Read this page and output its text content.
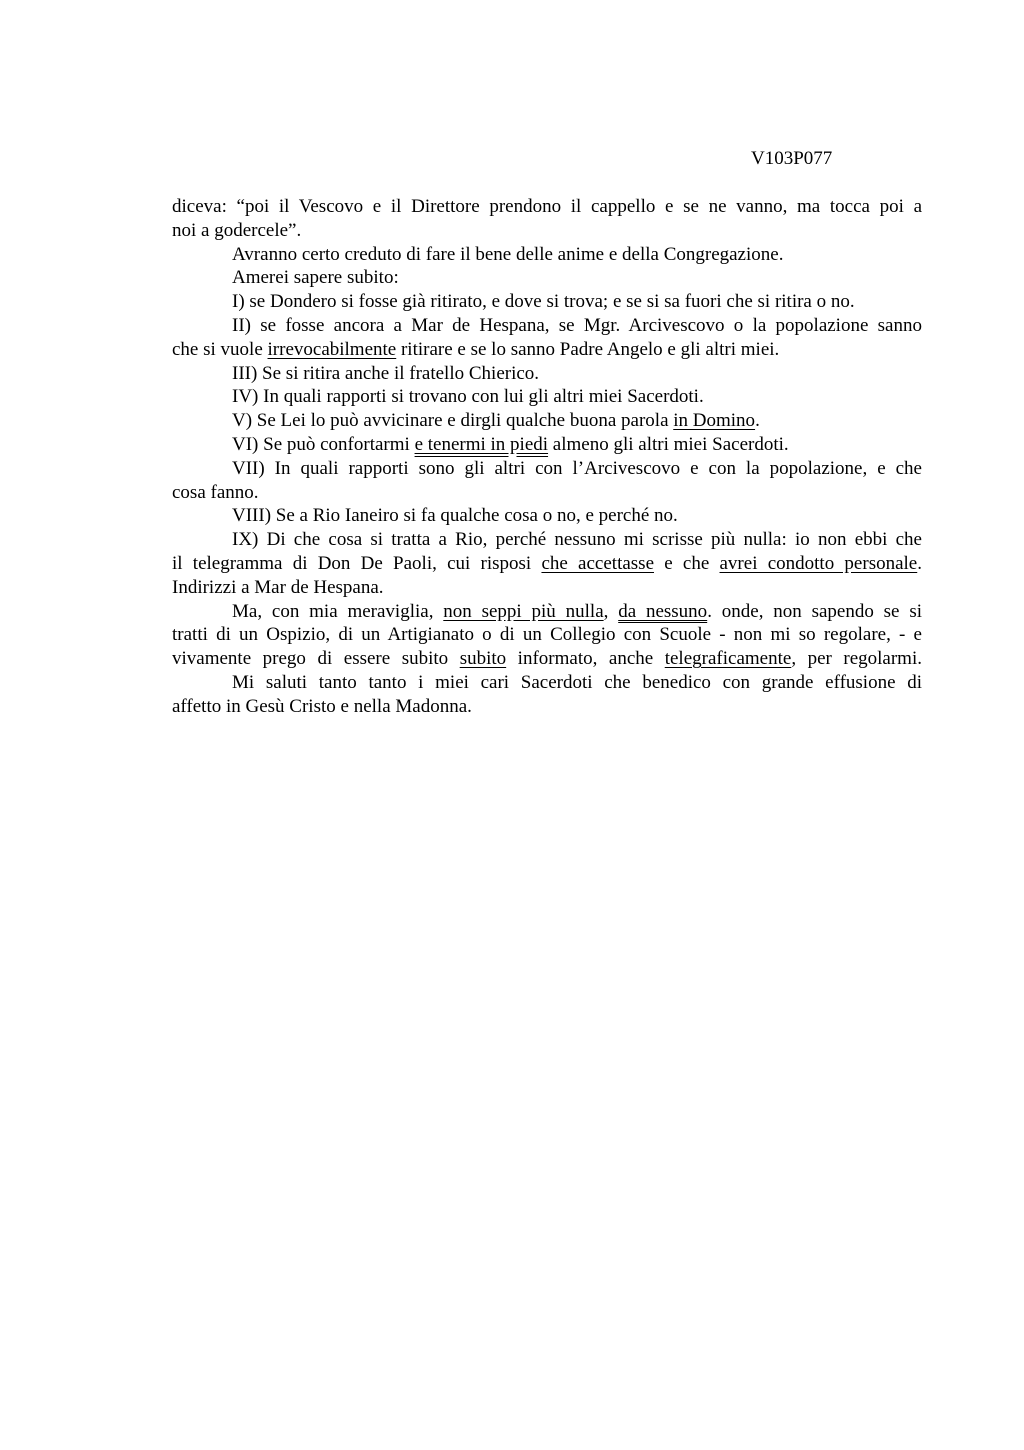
V103P077
diceva: “poi il Vescovo e il Direttore prendono il cappello e se ne vanno, ma tocca poi a
noi a godercele”.
Avranno certo creduto di fare il bene delle anime e della Congregazione.
Amerei sapere subito:
I) se Dondero si fosse già ritirato, e dove si trova; e se si sa fuori che si ritira o no.
II) se fosse ancora a Mar de Hespana, se Mgr. Arcivescovo o la popolazione sanno
che si vuole irrevocabilmente ritirare e se lo sanno Padre Angelo e gli altri miei.
III) Se si ritira anche il fratello Chierico.
IV) In quali rapporti si trovano con lui gli altri miei Sacerdoti.
V) Se Lei lo può avvicinare e dirgli qualche buona parola in Domino.
VI) Se può confortarmi e tenermi in piedi almeno gli altri miei Sacerdoti.
VII) In quali rapporti sono gli altri con l’Arcivescovo e con la popolazione, e che
cosa fanno.
VIII) Se a Rio Ianeiro si fa qualche cosa o no, e perché no.
IX) Di che cosa si tratta a Rio, perché nessuno mi scrisse più nulla: io non ebbi che
il telegramma di Don De Paoli, cui risposi che accettasse e che avrei condotto personale.
Indirizzi a Mar de Hespana.
Ma, con mia meraviglia, non seppi più nulla, da nessuno. onde, non sapendo se si
tratti di un Ospizio, di un Artigianato o di un Collegio con Scuole - non mi so regolare, - e
vivamente prego di essere subito subito informato, anche telegraficamente, per regolarmi.
Mi saluti tanto tanto i miei cari Sacerdoti che benedico con grande effusione di
affetto in Gesù Cristo e nella Madonna.
